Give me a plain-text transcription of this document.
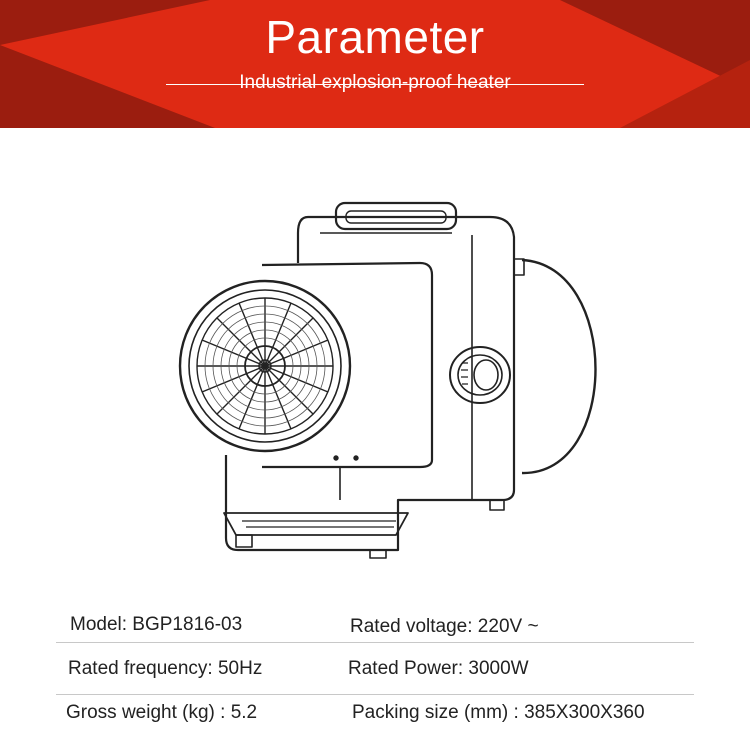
Parameter
Industrial explosion-proof heater
Model: BGP1816-03	Rated voltage: 220V ~
Rated frequency: 50Hz	Rated Power: 3000W
Gross weight (kg) : 5.2	Packing size (mm) : 385X300X360
